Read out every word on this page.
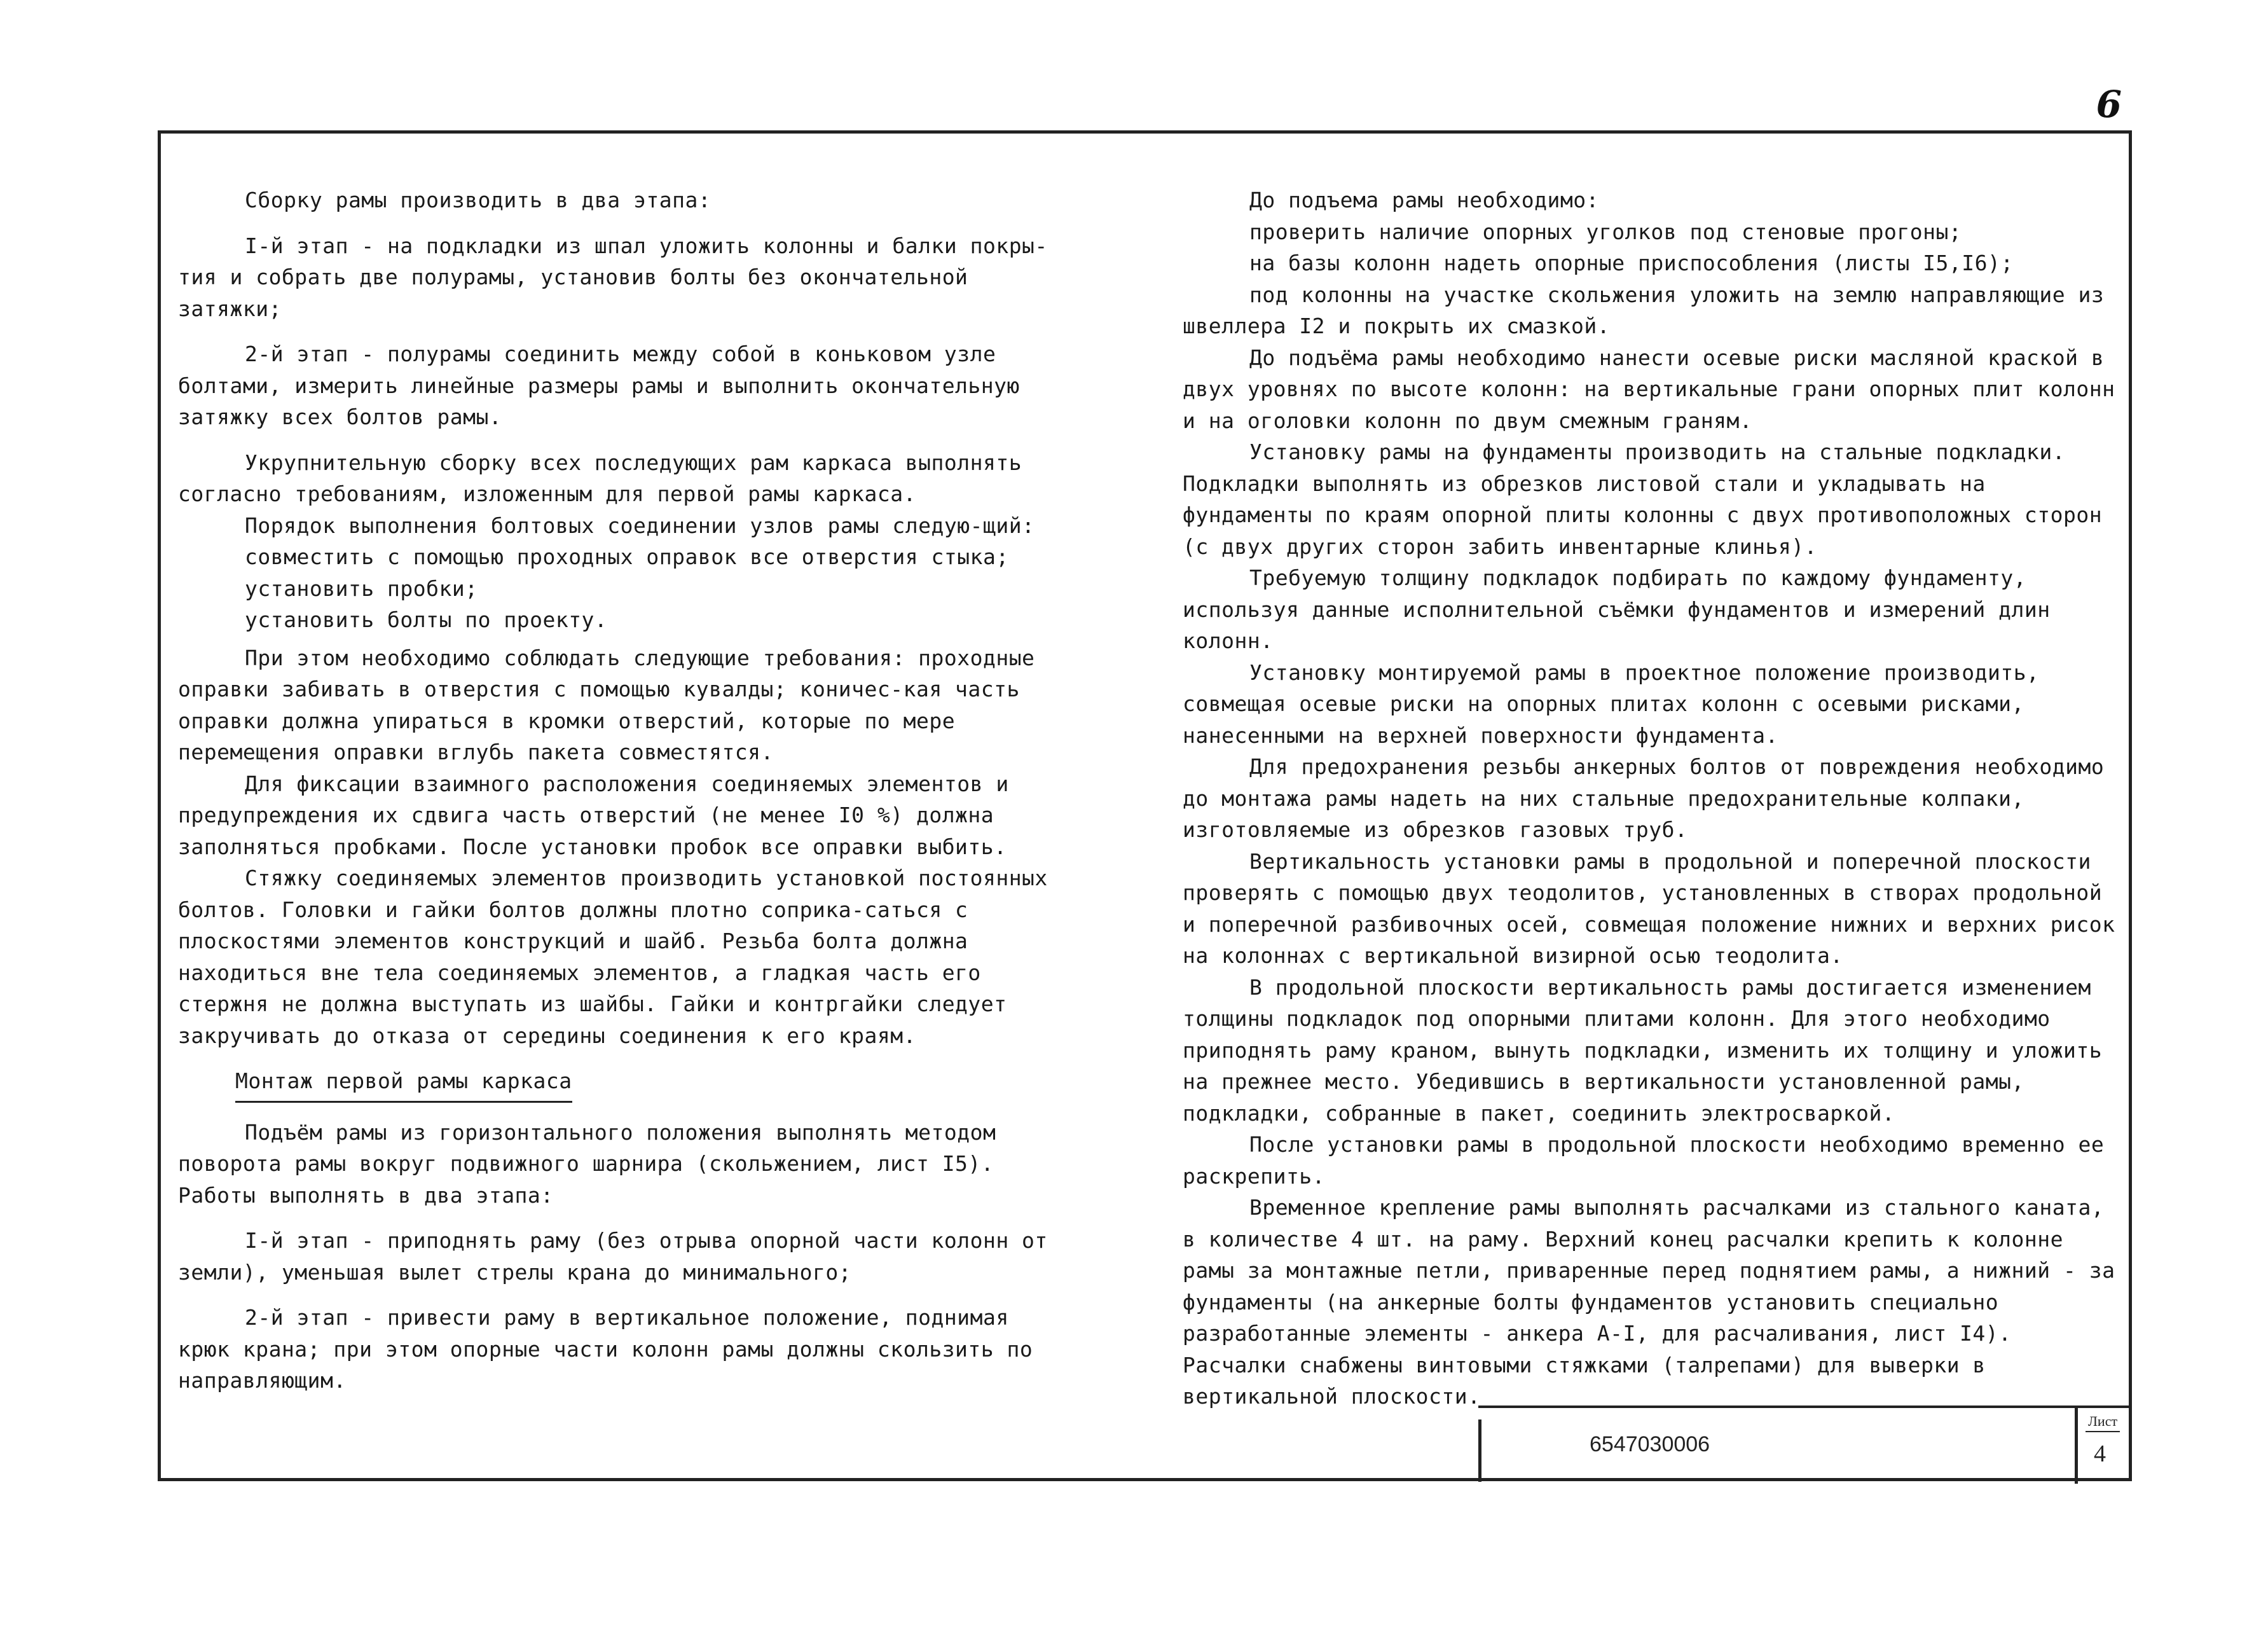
6

Сборку рамы производить в два этапа:

I-й этап - на подкладки из шпал уложить колонны и балки покры-тия и собрать две полурамы, установив болты без окончательной затяжки;

2-й этап - полурамы соединить между собой в коньковом узле болтами, измерить линейные размеры рамы и выполнить окончательную затяжку всех болтов рамы.

Укрупнительную сборку всех последующих рам каркаса выполнять согласно требованиям, изложенным для первой рамы каркаса.

Порядок выполнения болтовых соединении узлов рамы следую-щий:

совместить с помощью проходных оправок все отверстия стыка;

установить пробки;

установить болты по проекту.

При этом необходимо соблюдать следующие требования: проходные оправки забивать в отверстия с помощью кувалды; коничес-кая часть оправки должна упираться в кромки отверстий, которые по мере перемещения оправки вглубь пакета совместятся.

Для фиксации взаимного расположения соединяемых элементов и предупреждения их сдвига часть отверстий (не менее I0 %) должна заполняться пробками. После установки пробок все оправки выбить.

Стяжку соединяемых элементов производить установкой постоянных болтов. Головки и гайки болтов должны плотно соприка-саться с плоскостями элементов конструкций и шайб. Резьба болта должна находиться вне тела соединяемых элементов, а гладкая часть его стержня не должна выступать из шайбы. Гайки и контргайки следует закручивать до отказа от середины соединения к его краям.

Монтаж первой рамы каркаса

Подъём рамы из горизонтального положения выполнять методом поворота рамы вокруг подвижного шарнира (скольжением, лист I5). Работы выполнять в два этапа:

I-й этап - приподнять раму (без отрыва опорной части колонн от земли), уменьшая вылет стрелы крана до минимального;

2-й этап - привести раму в вертикальное положение, поднимая крюк крана; при этом опорные части колонн рамы должны скользить по направляющим.

До подъема рамы необходимо:

проверить наличие опорных уголков под стеновые прогоны;

на базы колонн надеть опорные приспособления (листы I5,I6);

под колонны на участке скольжения уложить на землю направляющие из швеллера I2 и покрыть их смазкой.

До подъёма рамы необходимо нанести осевые риски масляной краской в двух уровнях по высоте колонн: на вертикальные грани опорных плит колонн и на оголовки колонн по двум смежным граням.

Установку рамы на фундаменты производить на стальные подкладки. Подкладки выполнять из обрезков листовой стали и укладывать на фундаменты по краям опорной плиты колонны с двух противоположных сторон (с двух других сторон забить инвентарные клинья).

Требуемую толщину подкладок подбирать по каждому фундаменту, используя данные исполнительной съёмки фундаментов и измерений длин колонн.

Установку монтируемой рамы в проектное положение производить, совмещая осевые риски на опорных плитах колонн с осевыми рисками, нанесенными на верхней поверхности фундамента.

Для предохранения резьбы анкерных болтов от повреждения необходимо до монтажа рамы надеть на них стальные предохранительные колпаки, изготовляемые из обрезков газовых труб.

Вертикальность установки рамы в продольной и поперечной плоскости проверять с помощью двух теодолитов, установленных в створах продольной и поперечной разбивочных осей, совмещая положение нижних и верхних рисок на колоннах с вертикальной визирной осью теодолита.

В продольной плоскости вертикальность рамы достигается изменением толщины подкладок под опорными плитами колонн. Для этого необходимо приподнять раму краном, вынуть подкладки, изменить их толщину и уложить на прежнее место. Убедившись в вертикальности установленной рамы, подкладки, собранные в пакет, соединить электросваркой.

После установки рамы в продольной плоскости необходимо временно ее раскрепить.

Временное крепление рамы выполнять расчалками из стального каната, в количестве 4 шт. на раму. Верхний конец расчалки крепить к колонне рамы за монтажные петли, приваренные перед поднятием рамы, а нижний - за фундаменты (на анкерные болты фундаментов установить специально разработанные элементы - анкера А-I, для расчаливания, лист I4). Расчалки снабжены винтовыми стяжками (талрепами) для выверки в вертикальной плоскости.

6547030006
Лист
4
